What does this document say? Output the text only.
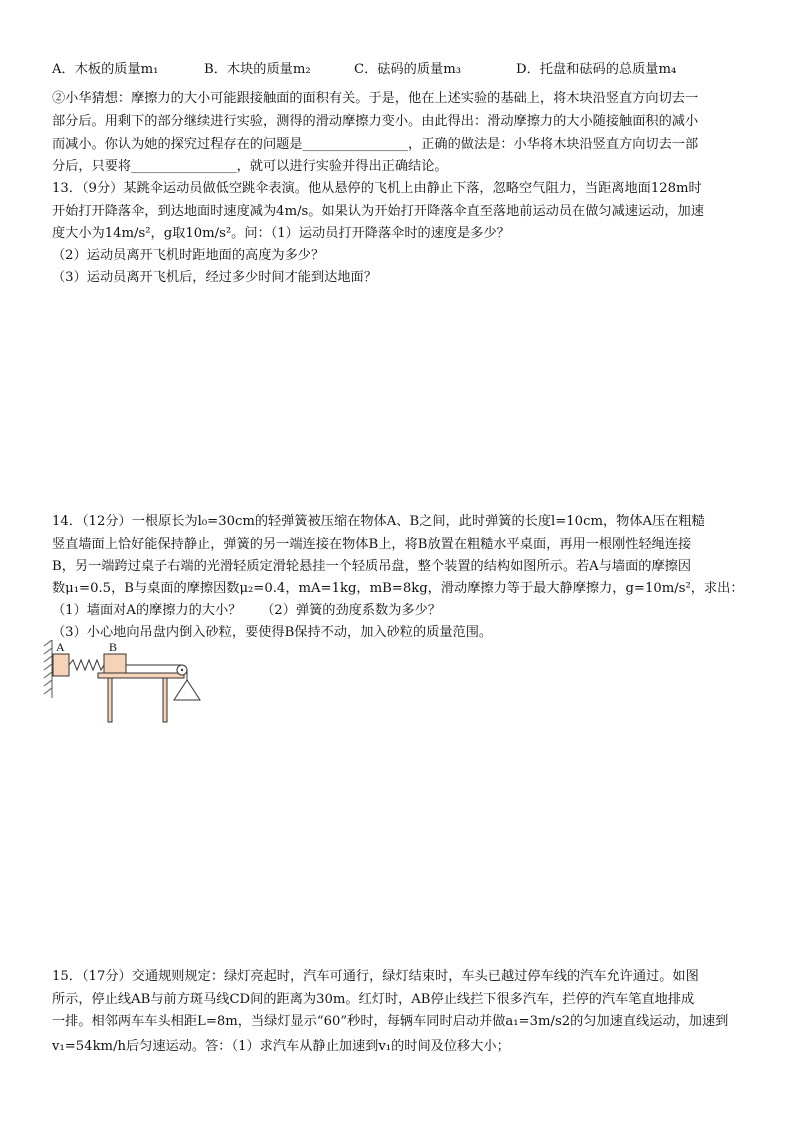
A．木板的质量m₁	B．木块的质量m₂	C．砝码的质量m₃	D．托盘和砝码的总质量m₄
②小华猜想：摩擦力的大小可能跟接触面的面积有关。于是，他在上述实验的基础上，将木块沿竖直方向切去一
部分后。用剩下的部分继续进行实验，测得的滑动摩擦力变小。由此得出：滑动摩擦力的大小随接触面积的减小
而减小。你认为她的探究过程存在的问题是________________，正确的做法是：小华将木块沿竖直方向切去一部
分后，只要将________________，就可以进行实验并得出正确结论。
13．（9分）某跳伞运动员做低空跳伞表演。他从悬停的飞机上由静止下落，忽略空气阻力，当距离地面128m时
开始打开降落伞，到达地面时速度减为4m/s。如果认为开始打开降落伞直至落地前运动员在做匀减速运动，加速
度大小为14m/s²，g取10m/s²。问：（1）运动员打开降落伞时的速度是多少？
（2）运动员离开飞机时距地面的高度为多少？
（3）运动员离开飞机后，经过多少时间才能到达地面？
14．（12分）一根原长为l₀=30cm的轻弹簧被压缩在物体A、B之间，此时弹簧的长度l=10cm，物体A压在粗糙
竖直墙面上恰好能保持静止，弹簧的另一端连接在物体B上，将B放置在粗糙水平桌面，再用一根刚性轻绳连接
B，另一端跨过桌子右端的光滑轻质定滑轮悬挂一个轻质吊盘，整个装置的结构如图所示。若A与墙面的摩擦因
数μ₁=0.5，B与桌面的摩擦因数μ₂=0.4，mA=1kg，mB=8kg，滑动摩擦力等于最大静摩擦力，g=10m/s²，求出：
（1）墙面对A的摩擦力的大小？　　（2）弹簧的劲度系数为多少？
（3）小心地向吊盘内倒入砂粒，要使得B保持不动，加入砂粒的质量范围。
A	B
15．（17分）交通规则规定：绿灯亮起时，汽车可通行，绿灯结束时，车头已越过停车线的汽车允许通过。如图
所示，停止线AB与前方斑马线CD间的距离为30m。红灯时，AB停止线拦下很多汽车，拦停的汽车笔直地排成
一排。相邻两车车头相距L=8m，当绿灯显示“60”秒时，每辆车同时启动并做a₁=3m/s2的匀加速直线运动，加速到
v₁=54km/h后匀速运动。答：（1）求汽车从静止加速到v₁的时间及位移大小；
